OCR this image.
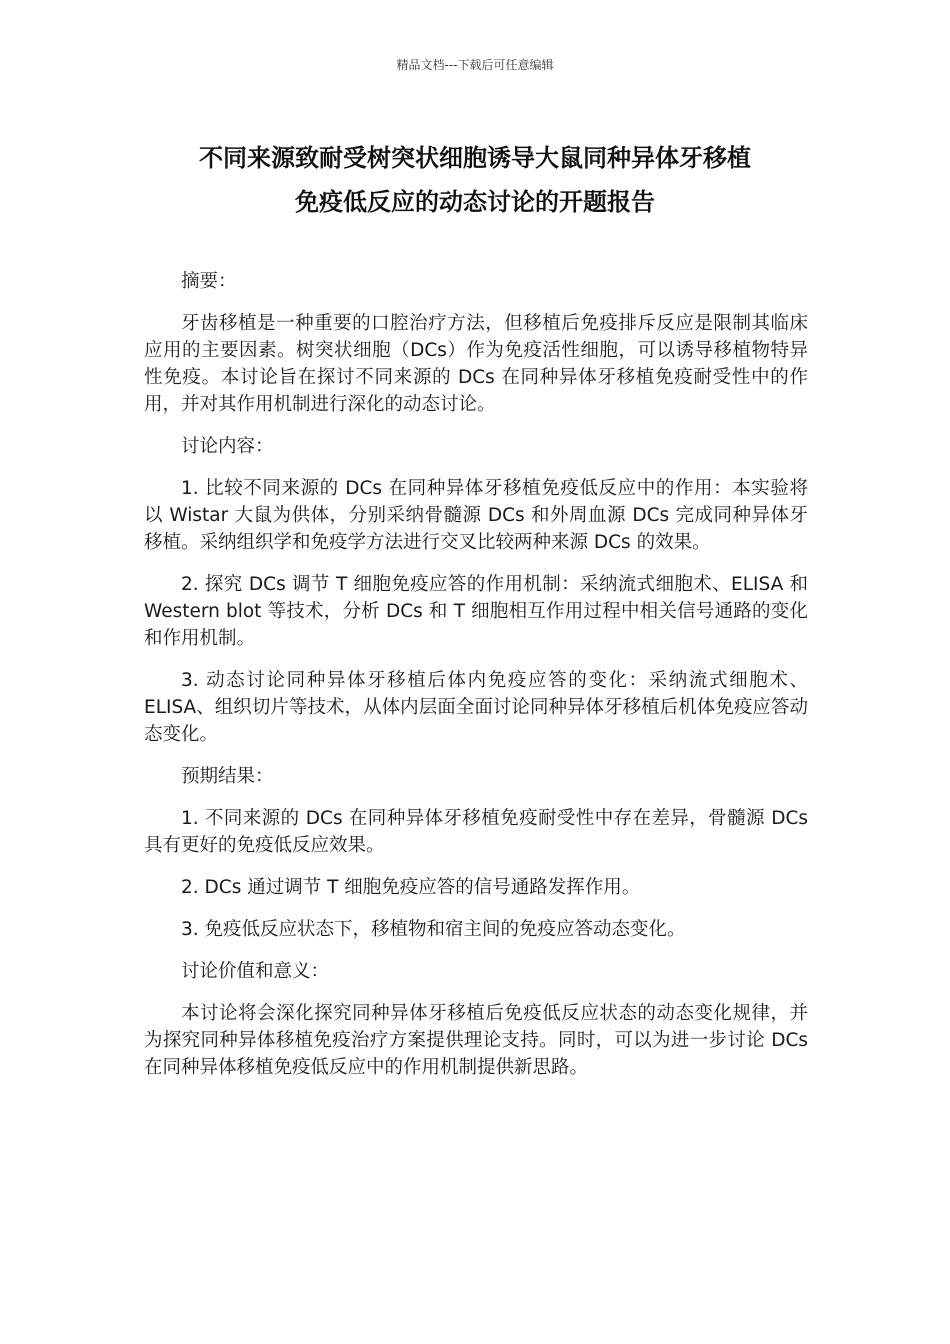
精品文档---下载后可任意编辑
不同来源致耐受树突状细胞诱导大鼠同种异体牙移植
免疫低反应的动态讨论的开题报告

摘要：

牙齿移植是一种重要的口腔治疗方法，但移植后免疫排斥反应是限制其临床应用的主要因素。树突状细胞（DCs）作为免疫活性细胞，可以诱导移植物特异性免疫。本讨论旨在探讨不同来源的 DCs 在同种异体牙移植免疫耐受性中的作用，并对其作用机制进行深化的动态讨论。

讨论内容：

1. 比较不同来源的 DCs 在同种异体牙移植免疫低反应中的作用：本实验将以 Wistar 大鼠为供体，分别采纳骨髓源 DCs 和外周血源 DCs 完成同种异体牙移植。采纳组织学和免疫学方法进行交叉比较两种来源 DCs 的效果。

2. 探究 DCs 调节 T 细胞免疫应答的作用机制：采纳流式细胞术、ELISA 和 Western blot 等技术，分析 DCs 和 T 细胞相互作用过程中相关信号通路的变化和作用机制。

3. 动态讨论同种异体牙移植后体内免疫应答的变化：采纳流式细胞术、ELISA、组织切片等技术，从体内层面全面讨论同种异体牙移植后机体免疫应答动态变化。

预期结果：

1. 不同来源的 DCs 在同种异体牙移植免疫耐受性中存在差异，骨髓源 DCs 具有更好的免疫低反应效果。

2. DCs 通过调节 T 细胞免疫应答的信号通路发挥作用。

3. 免疫低反应状态下，移植物和宿主间的免疫应答动态变化。

讨论价值和意义：

本讨论将会深化探究同种异体牙移植后免疫低反应状态的动态变化规律，并为探究同种异体移植免疫治疗方案提供理论支持。同时，可以为进一步讨论 DCs 在同种异体移植免疫低反应中的作用机制提供新思路。
